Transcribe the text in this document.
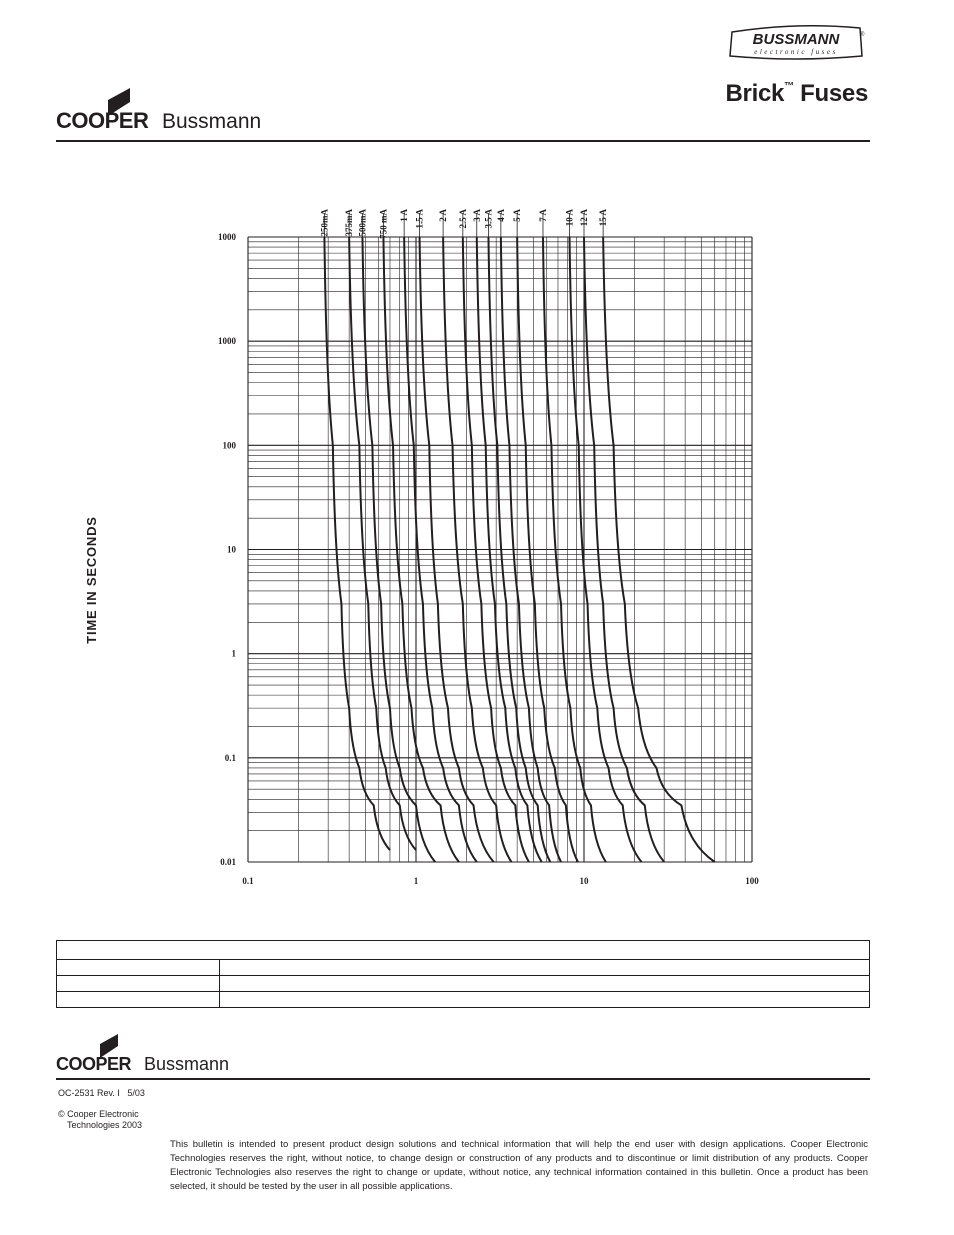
BUSSMANN	®
electronic fuses
Brick™ Fuses
COOPER Bussmann
0.1	1	10	100
0.01
0.1
1
10
100
1000
1000
250mA 375mA 500mA 750 mA 1 A 1.5 A 2 A 2.5 A 3 A 3.5 A 4 A 5 A 7 A 10 A 12 A 15 A
TIME IN SECONDS

COOPER Bussmann
OC-2531 Rev. I   5/03
© Cooper Electronic
Technologies 2003
This bulletin is intended to present product design solutions and technical information that will help the end user with design applications. Cooper Electronic Technologies reserves the right, without notice, to change design or construction of any products and to discontinue or limit distribution of any products. Cooper Electronic Technologies also reserves the right to change or update, without notice, any technical information contained in this bulletin. Once a product has been selected, it should be tested by the user in all possible applications.
